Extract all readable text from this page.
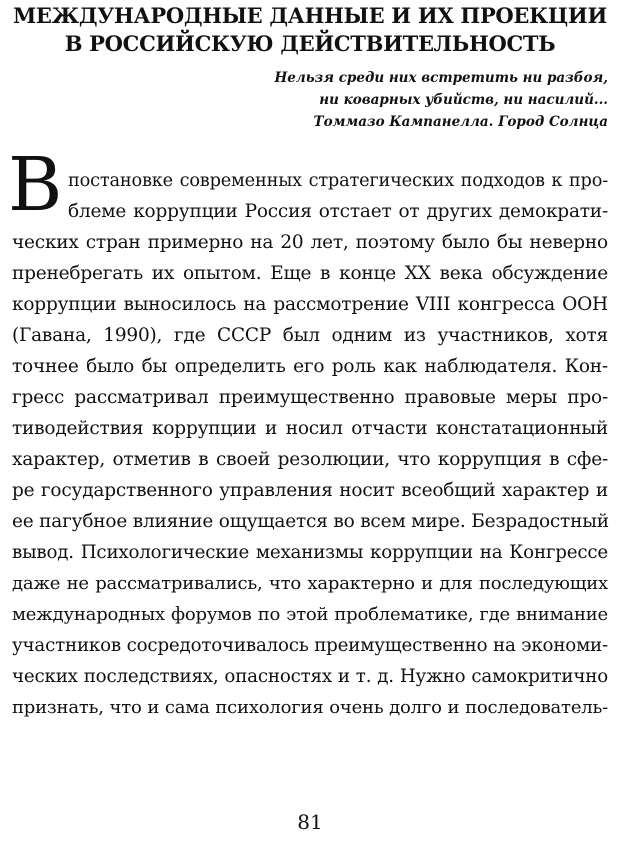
МЕЖДУНАРОДНЫЕ ДАННЫЕ И ИХ ПРОЕКЦИИ
В РОССИЙСКУЮ ДЕЙСТВИТЕЛЬНОСТЬ
Нельзя среди них встретить ни разбоя,
ни коварных убийств, ни насилий...
Томмазо Кампанелла. Город Солнца
В постановке современных стратегических подходов к про-
блеме коррупции Россия отстает от других демократи-
ческих стран примерно на 20 лет, поэтому было бы неверно
пренебрегать их опытом. Еще в конце XX века обсуждение
коррупции выносилось на рассмотрение VIII конгресса ООН
(Гавана, 1990), где СССР был одним из участников, хотя
точнее было бы определить его роль как наблюдателя. Кон-
гресс рассматривал преимущественно правовые меры про-
тиводействия коррупции и носил отчасти констатационный
характер, отметив в своей резолюции, что коррупция в сфе-
ре государственного управления носит всеобщий характер и
ее пагубное влияние ощущается во всем мире. Безрадостный
вывод. Психологические механизмы коррупции на Конгрессе
даже не рассматривались, что характерно и для последующих
международных форумов по этой проблематике, где внимание
участников сосредоточивалось преимущественно на экономи-
ческих последствиях, опасностях и т. д. Нужно самокритично
признать, что и сама психология очень долго и последователь-
81
